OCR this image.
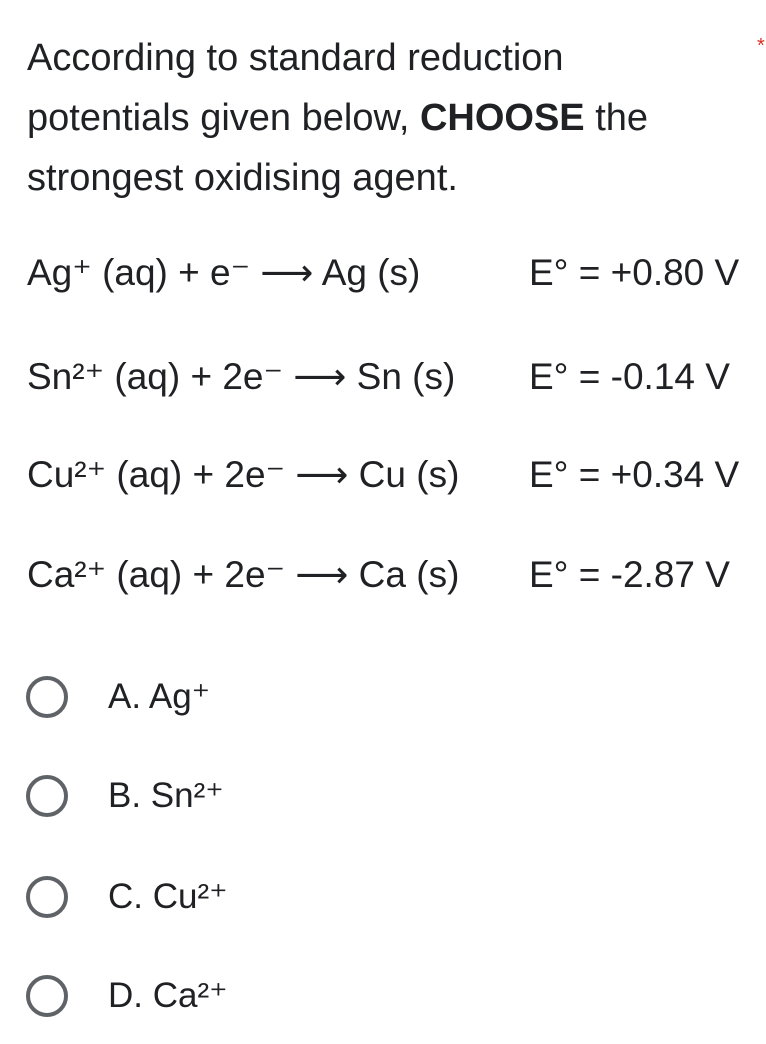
According to standard reduction potentials given below, CHOOSE the strongest oxidising agent.
*
Ag⁺ (aq) + e⁻ ⟶ Ag (s)	E° = +0.80 V
Sn²⁺ (aq) + 2e⁻ ⟶ Sn (s) E° = -0.14 V
Cu²⁺ (aq) + 2e⁻ ⟶ Cu (s) E° = +0.34 V
Ca²⁺ (aq) + 2e⁻ ⟶ Ca (s) E° = -2.87 V
A. Ag⁺
B. Sn²⁺
C. Cu²⁺
D. Ca²⁺
